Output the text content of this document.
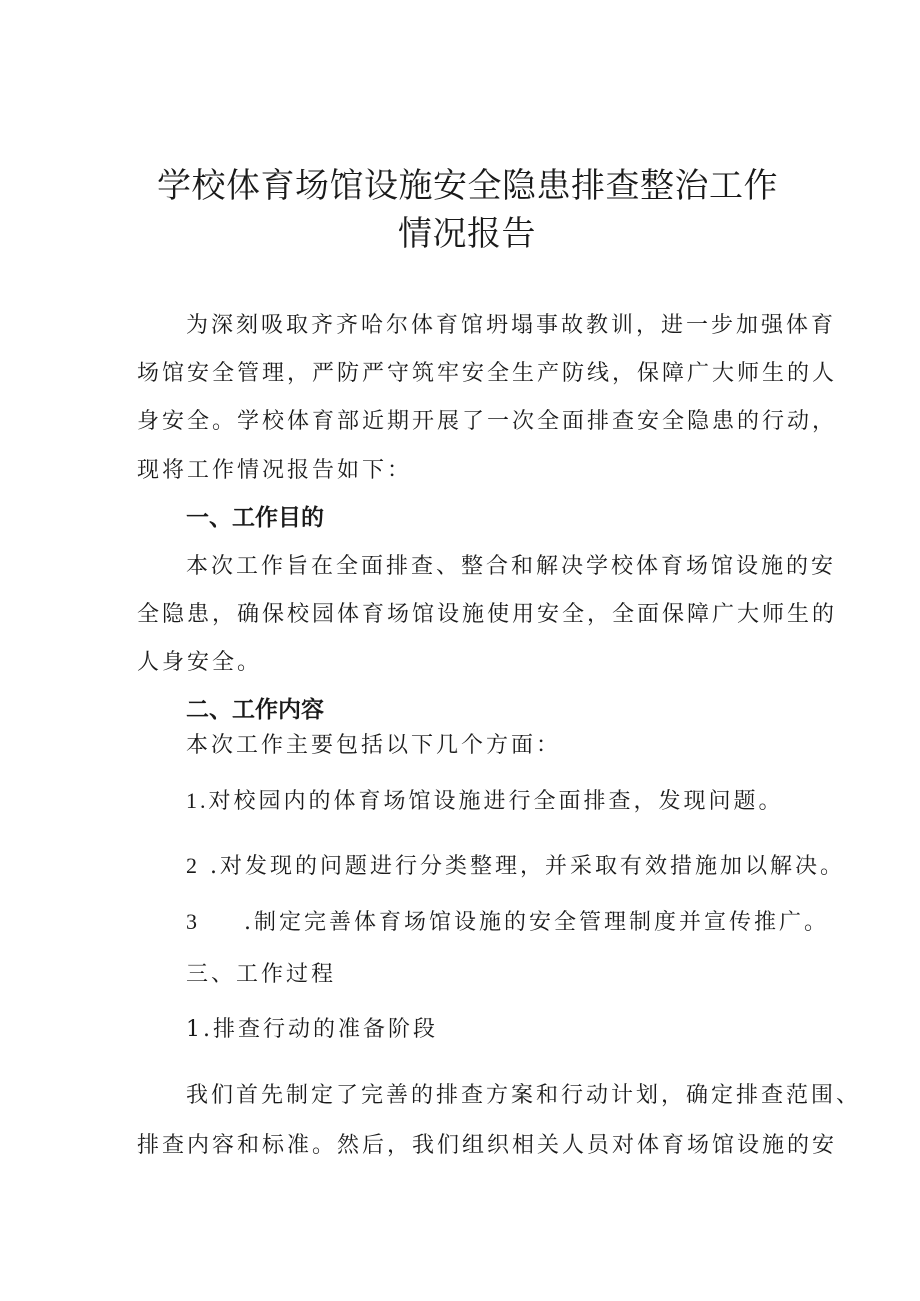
学校体育场馆设施安全隐患排查整治工作
情况报告
为深刻吸取齐齐哈尔体育馆坍塌事故教训，进一步加强体育
场馆安全管理，严防严守筑牢安全生产防线，保障广大师生的人
身安全。学校体育部近期开展了一次全面排查安全隐患的行动，
现将工作情况报告如下：
一、工作目的
本次工作旨在全面排查、整合和解决学校体育场馆设施的安
全隐患，确保校园体育场馆设施使用安全，全面保障广大师生的
人身安全。
二、工作内容
本次工作主要包括以下几个方面：
1.对校园内的体育场馆设施进行全面排查，发现问题。
2 .对发现的问题进行分类整理，并采取有效措施加以解决。
3 .制定完善体育场馆设施的安全管理制度并宣传推广。
三、工作过程
1.排查行动的准备阶段
我们首先制定了完善的排查方案和行动计划，确定排查范围、
排查内容和标准。然后，我们组织相关人员对体育场馆设施的安
